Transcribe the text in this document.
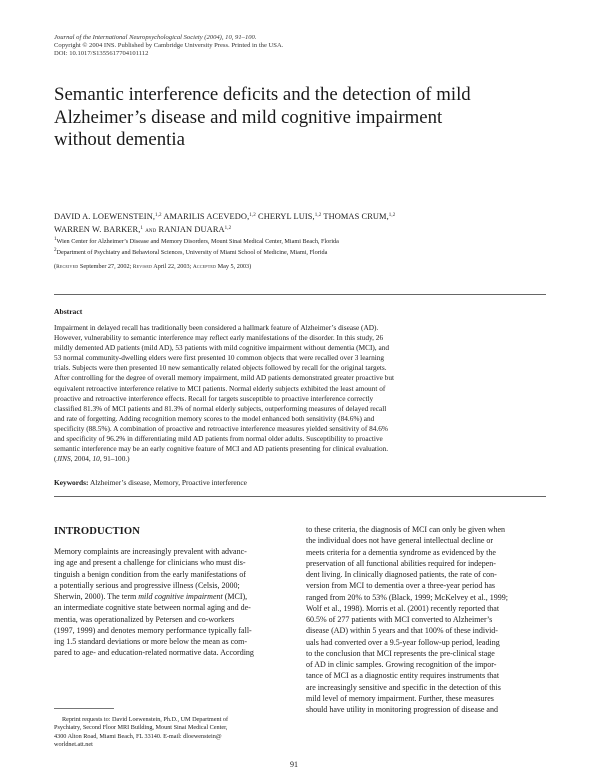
Journal of the International Neuropsychological Society (2004), 10, 91–100.
Copyright © 2004 INS. Published by Cambridge University Press. Printed in the USA.
DOI: 10.1017/S1355617704101112
Semantic interference deficits and the detection of mild
Alzheimer’s disease and mild cognitive impairment
without dementia
DAVID A. LOEWENSTEIN,$^{1,2}$ AMARILIS ACEVEDO,$^{1,2}$ CHERYL LUIS,$^{1,2}$ THOMAS CRUM,$^{1,2}$
WARREN W. BARKER,$^1$ and RANJAN DUARA$^{1,2}$
$^1$Wien Center for Alzheimer’s Disease and Memory Disorders, Mount Sinai Medical Center, Miami Beach, Florida
$^2$Department of Psychiatry and Behavioral Sciences, University of Miami School of Medicine, Miami, Florida
(Received September 27, 2002; Revised April 22, 2003; Accepted May 5, 2003)
Abstract
Impairment in delayed recall has traditionally been considered a hallmark feature of Alzheimer’s disease (AD).
However, vulnerability to semantic interference may reflect early manifestations of the disorder. In this study, 26
mildly demented AD patients (mild AD), 53 patients with mild cognitive impairment without dementia (MCI), and
53 normal community-dwelling elders were first presented 10 common objects that were recalled over 3 learning
trials. Subjects were then presented 10 new semantically related objects followed by recall for the original targets.
After controlling for the degree of overall memory impairment, mild AD patients demonstrated greater proactive but
equivalent retroactive interference relative to MCI patients. Normal elderly subjects exhibited the least amount of
proactive and retroactive interference effects. Recall for targets susceptible to proactive interference correctly
classified 81.3% of MCI patients and 81.3% of normal elderly subjects, outperforming measures of delayed recall
and rate of forgetting. Adding recognition memory scores to the model enhanced both sensitivity (84.6%) and
specificity (88.5%). A combination of proactive and retroactive interference measures yielded sensitivity of 84.6%
and specificity of 96.2% in differentiating mild AD patients from normal older adults. Susceptibility to proactive
semantic interference may be an early cognitive feature of MCI and AD patients presenting for clinical evaluation.
(JINS, 2004, 10, 91–100.)
Keywords: Alzheimer’s disease, Memory, Proactive interference
INTRODUCTION
Memory complaints are increasingly prevalent with advanc-
ing age and present a challenge for clinicians who must dis-
tinguish a benign condition from the early manifestations of
a potentially serious and progressive illness (Celsis, 2000;
Sherwin, 2000). The term mild cognitive impairment (MCI),
an intermediate cognitive state between normal aging and de-
mentia, was operationalized by Petersen and co-workers
(1997, 1999) and denotes memory performance typically fall-
ing 1.5 standard deviations or more below the mean as com-
pared to age- and education-related normative data. According
to these criteria, the diagnosis of MCI can only be given when
the individual does not have general intellectual decline or
meets criteria for a dementia syndrome as evidenced by the
preservation of all functional abilities required for indepen-
dent living. In clinically diagnosed patients, the rate of con-
version from MCI to dementia over a three-year period has
ranged from 20% to 53% (Black, 1999; McKelvey et al., 1999;
Wolf et al., 1998). Morris et al. (2001) recently reported that
60.5% of 277 patients with MCI converted to Alzheimer’s
disease (AD) within 5 years and that 100% of these individ-
uals had converted over a 9.5-year follow-up period, leading
to the conclusion that MCI represents the pre-clinical stage
of AD in clinic samples. Growing recognition of the impor-
tance of MCI as a diagnostic entity requires instruments that
are increasingly sensitive and specific in the detection of this
mild level of memory impairment. Further, these measures
should have utility in monitoring progression of disease and
Reprint requests to: David Loewenstein, Ph.D., UM Department of
Psychiatry, Second Floor MRI Building, Mount Sinai Medical Center,
4300 Alton Road, Miami Beach, FL 33140. E-mail: dloewenstein@
worldnet.att.net
91
